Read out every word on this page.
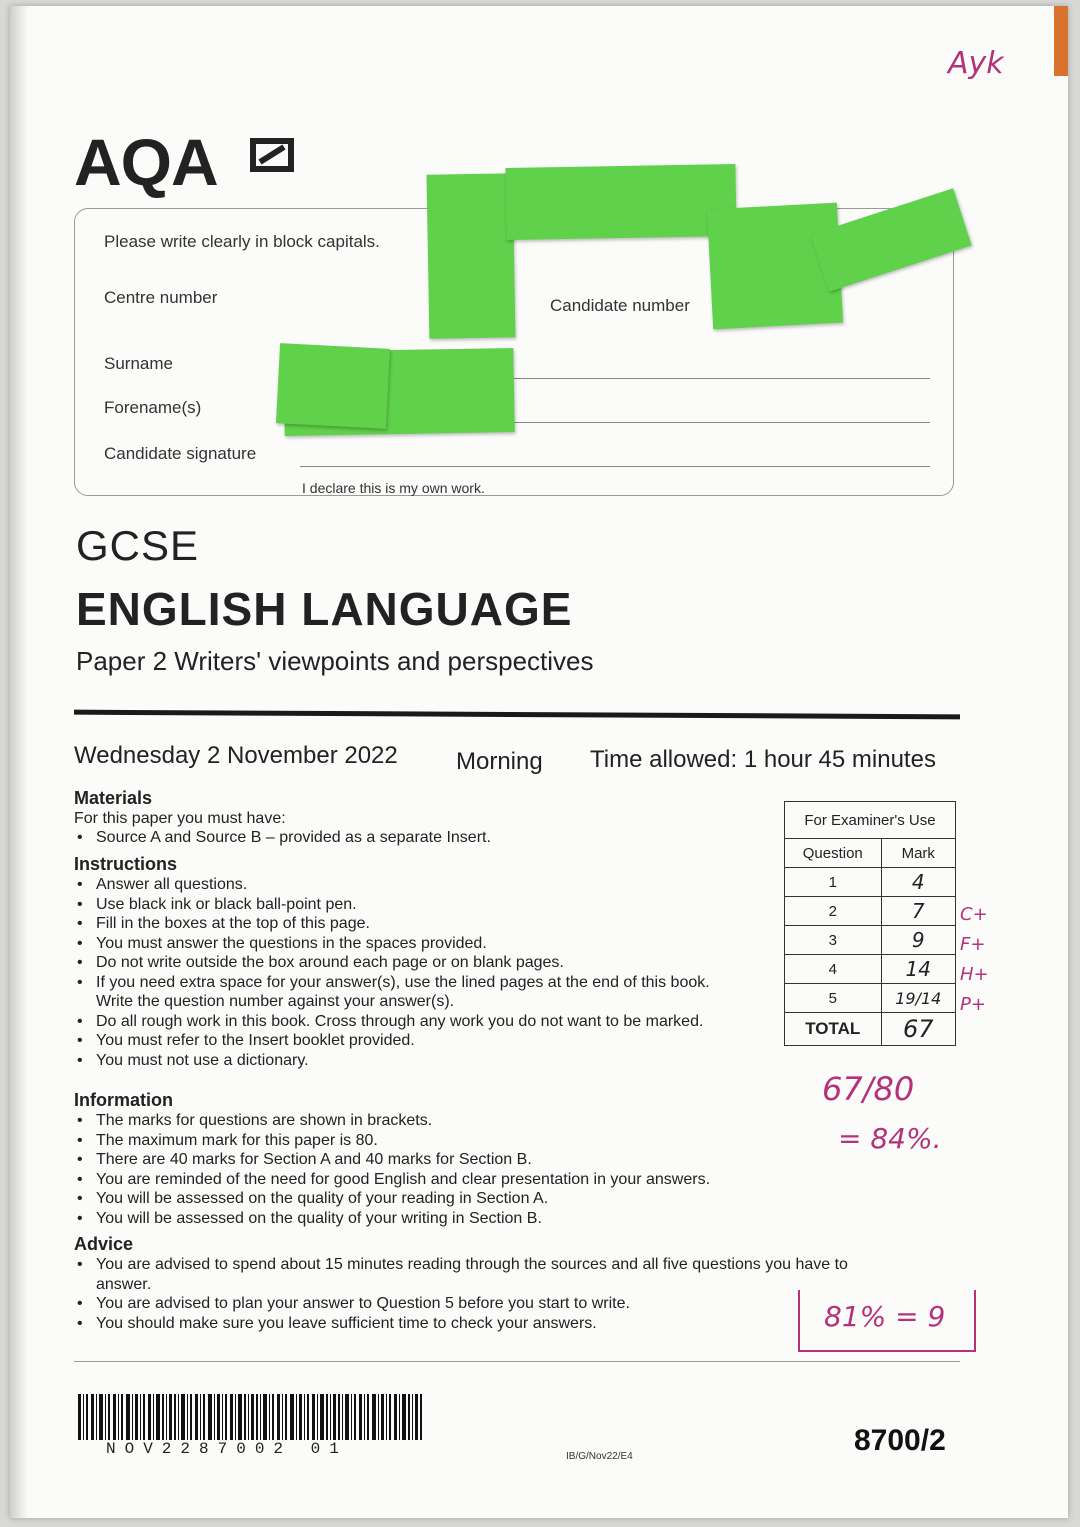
AQA
Ayk
Please write clearly in block capitals.
Centre number	Candidate number
Surname
Forename(s)
Candidate signature
I declare this is my own work.
GCSE
ENGLISH LANGUAGE
Paper 2 Writers' viewpoints and perspectives
Wednesday 2 November 2022 Morning Time allowed: 1 hour 45 minutes
Materials
For this paper you must have:
• Source A and Source B – provided as a separate Insert.
Instructions
• Answer all questions.
• Use black ink or black ball-point pen.
• Fill in the boxes at the top of this page.
• You must answer the questions in the spaces provided.
• Do not write outside the box around each page or on blank pages.
• If you need extra space for your answer(s), use the lined pages at the end of this book. Write the question number against your answer(s).
• Do all rough work in this book. Cross through any work you do not want to be marked.
• You must refer to the Insert booklet provided.
• You must not use a dictionary.
Information
• The marks for questions are shown in brackets.
• The maximum mark for this paper is 80.
• There are 40 marks for Section A and 40 marks for Section B.
• You are reminded of the need for good English and clear presentation in your answers.
• You will be assessed on the quality of your reading in Section A.
• You will be assessed on the quality of your writing in Section B.
Advice
• You are advised to spend about 15 minutes reading through the sources and all five questions you have to answer.
• You are advised to plan your answer to Question 5 before you start to write.
• You should make sure you leave sufficient time to check your answers.
For Examiner's Use	
Question	Mark
1	4
2	7
3	9
4	14
5	19/14
TOTAL	67
C+
F+
H+
P+
67/80
= 84%.
81% = 9
NOV2287002 01	IB/G/Nov22/E4	8700/2
